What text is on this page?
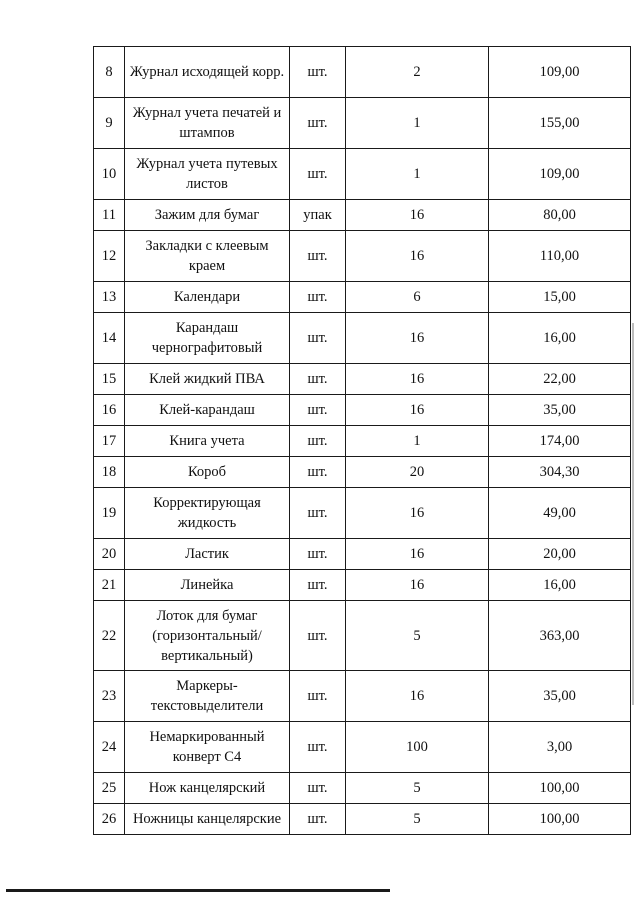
8	Журнал исходящей корр.	шт.	2	109,00
9	Журнал учета печатей и штампов	шт.	1	155,00
10	Журнал учета путевых листов	шт.	1	109,00
11	Зажим для бумаг	упак	16	80,00
12	Закладки с клеевым краем	шт.	16	110,00
13	Календари	шт.	6	15,00
14	Карандаш черногрaфитовый	шт.	16	16,00
15	Клей жидкий ПВА	шт.	16	22,00
16	Клей-карандаш	шт.	16	35,00
17	Книга учета	шт.	1	174,00
18	Короб	шт.	20	304,30
19	Корректирующая жидкость	шт.	16	49,00
20	Ластик	шт.	16	20,00
21	Линейка	шт.	16	16,00
22	Лоток для бумаг (горизонтальный/вертикальный)	шт.	5	363,00
23	Маркеры-текстовыделители	шт.	16	35,00
24	Немаркированный конверт С4	шт.	100	3,00
25	Нож канцелярский	шт.	5	100,00
26	Ножницы канцелярские	шт.	5	100,00
